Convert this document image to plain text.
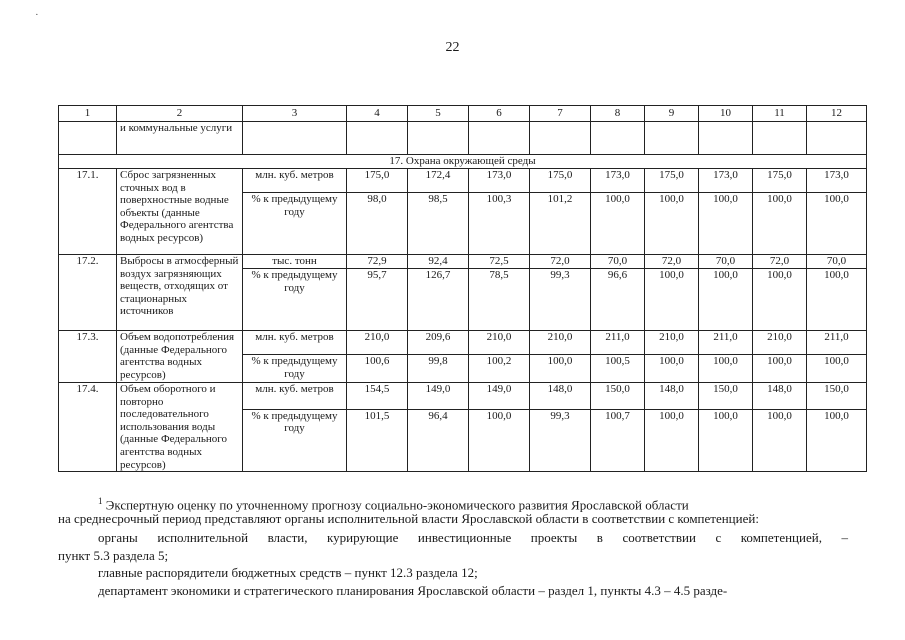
·
22
1	2	3	4	5	6	7	8	9	10	11	12
	и коммунальные услуги										
17. Охрана окружающей среды											
17.1.	Сброс загрязненных сточных вод в поверхностные водные объекты (данные Федерального агентства водных ресурсов)	млн. куб. метров	175,0	172,4	173,0	175,0	173,0	175,0	173,0	175,0	173,0
		% к предыдущему году	98,0	98,5	100,3	101,2	100,0	100,0	100,0	100,0	100,0
17.2.	Выбросы в атмосферный воздух загрязняющих веществ, отходящих от стационарных источников	тыс. тонн	72,9	92,4	72,5	72,0	70,0	72,0	70,0	72,0	70,0
		% к предыдущему году	95,7	126,7	78,5	99,3	96,6	100,0	100,0	100,0	100,0
17.3.	Объем водопотребления (данные Федерального агентства водных ресурсов)	млн. куб. метров	210,0	209,6	210,0	210,0	211,0	210,0	211,0	210,0	211,0
		% к предыдущему году	100,6	99,8	100,2	100,0	100,5	100,0	100,0	100,0	100,0
17.4.	Объем оборотного и повторно последовательного использования воды (данные Федерального агентства водных ресурсов)	млн. куб. метров	154,5	149,0	149,0	148,0	150,0	148,0	150,0	148,0	150,0
		% к предыдущему году	101,5	96,4	100,0	99,3	100,7	100,0	100,0	100,0	100,0
$^1$ Экспертную оценку по уточненному прогнозу социально-экономического развития Ярославской области
на среднесрочный период представляют органы исполнительной власти Ярославской области в соответствии с компетенцией:
органы исполнительной власти, курирующие инвестиционные проекты в соответствии с компетенцией, –
пункт 5.3 раздела 5;
главные распорядители бюджетных средств – пункт 12.3 раздела 12;
департамент экономики и стратегического планирования Ярославской области – раздел 1, пункты 4.3 – 4.5 разде-
